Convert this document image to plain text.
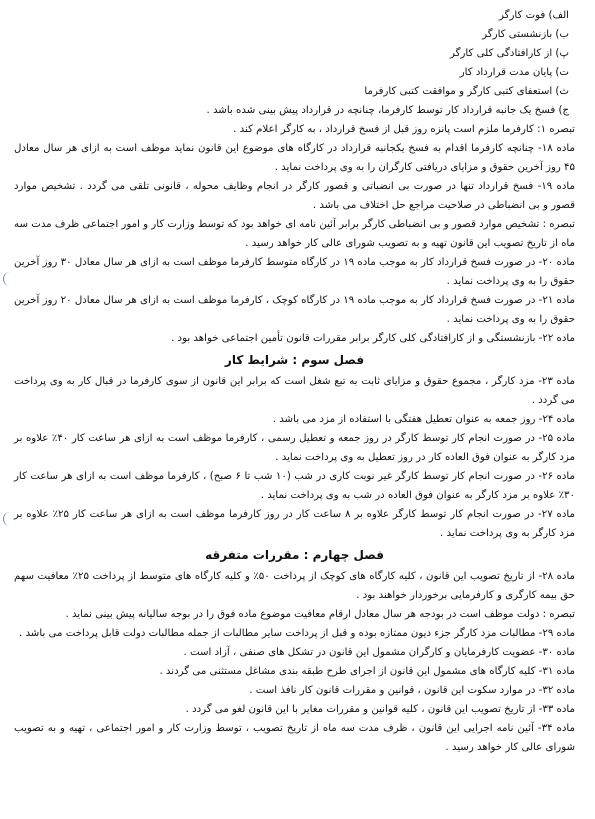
الف) فوت کارگر

ب) بازنشستی کارگر

پ) از کارافتادگی کلی کارگر

ت) پایان مدت قرارداد کار

ث) استعفای کتبی کارگر و موافقت کتبی کارفرما

ج) فسخ یک جانبه قرارداد کار توسط کارفرما، چنانچه در قرارداد پیش بینی شده باشد .

تبصره ۱: کارفرما ملزم است پانزه روز قبل از فسخ قرارداد ، به کارگر اعلام کند .

ماده ۱۸- چنانچه کارفرما اقدام به فسخ یکجانبه قرارداد در کارگاه های موضوع این قانون نماید موظف است به ازای هر سال معادل ۴۵ روز آخرین حقوق و مزایای دریافتی کارگران را به وی پرداخت نماید .

ماده ۱۹- فسخ قرارداد تنها در صورت بی انضباتی و قصور کارگر در انجام وظایف محوله ، قانونی تلقی می گردد . تشخیص موارد قصور و بی انضباطی در صلاحیت مراجع حل اختلاف می باشد .

تبصره : تشخیص موارد قصور و بی انضباطی کارگر برابر آئین نامه ای خواهد بود که توسط وزارت کار و امور اجتماعی ظرف مدت سه ماه از تاریخ تصویب این قانون تهیه و به تصویب شورای عالی کار خواهد رسید .

ماده ۲۰- در صورت فسخ قرارداد کار به موجب ماده ۱۹ در کارگاه متوسط کارفرما موظف است به ازای هر سال معادل ۳۰ روز آخرین حقوق را به وی پرداخت نماید .

ماده ۲۱- در صورت فسخ قرارداد کار به موجب ماده ۱۹ در کارگاه کوچک ، کارفرما موظف است به ازای هر سال معادل ۲۰ روز آخرین حقوق را به وی پرداخت نماید .

ماده ۲۲- بازنشستگی و از کارافتادگی کلی کارگر برابر مقررات قانون تأمین اجتماعی خواهد بود .

فصل سوم : شرایط کار

ماده ۲۳- مزد کارگر ، مجموع حقوق و مزایای ثابت به تبع شغل است که برابر این قانون از سوی کارفرما در قبال کار به وی پرداخت می گردد .

ماده ۲۴- روز جمعه به عنوان تعطیل هفتگی با استفاده از مزد می باشد .

ماده ۲۵- در صورت انجام کار توسط کارگر در روز جمعه و تعطیل رسمی ، کارفرما موظف است به ازای هر ساعت کار ۴۰٪ علاوه بر مزد کارگر به عنوان فوق العاده کار در روز تعطیل به وی پرداخت نماید .

ماده ۲۶- در صورت انجام کار توسط کارگر غیر نوبت کاری در شب (۱۰ شب تا ۶ صبح) ، کارفرما موظف است به ازای هر ساعت کار ۳۰٪ علاوه بر مزد کارگر به عنوان فوق العاده در شب به وی پرداخت نماید .

ماده ۲۷- در صورت انجام کار توسط کارگر علاوه بر ۸ ساعت کار در روز کارفرما موظف است به ازای هر ساعت کار ۲۵٪ علاوه بر مزد کارگر به وی پرداخت نماید .

فصل چهارم : مقررات متفرقه

ماده ۲۸- از تاریخ تصویب این قانون ، کلیه کارگاه های کوچک از پرداخت ۵۰٪ و کلیه کارگاه های متوسط از پرداخت ۲۵٪ معافیت سهم حق بیمه کارگری و کارفرمایی برخوردار خواهند بود .

تبصره : دولت موظف است در بودجه هر سال معادل ارقام معافیت موضوع ماده فوق را در بوجه سالیانه پیش بینی نماید .

ماده ۲۹- مطالبات مزد کارگر جزء دیون ممتازه بوده و قبل از پرداخت سایر مطالبات از جمله مطالبات دولت قابل پرداخت می باشد .

ماده ۳۰- عضویت کارفرمایان و کارگران مشمول این قانون در تشکل های صنفی ، آزاد است .

ماده ۳۱- کلیه کارگاه های مشمول این قانون از اجرای طرح طبقه بندی مشاغل مستثنی می گردند .

ماده ۳۲- در موارد سکوت این قانون ، قوانین و مقررات قانون کار نافذ است .

ماده ۳۳- از تاریخ تصویب این قانون ، کلیه قوانین و مقررات مغایر با این قانون لغو می گردد .

ماده ۳۴- آئین نامه اجرایی این قانون ، ظرف مدت سه ماه از تاریخ تصویب ، توسط وزارت کار و امور اجتماعی ، تهیه و به تصویب شورای عالی کار خواهد رسید .
